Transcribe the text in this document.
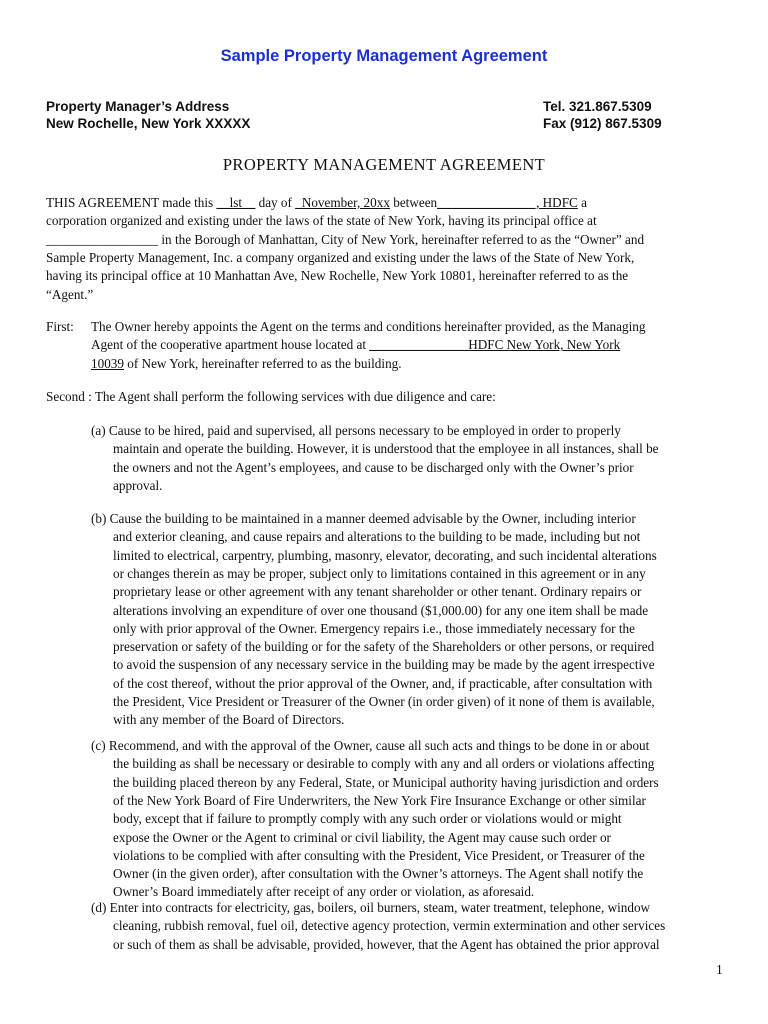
Sample Property Management Agreement
Property Manager’s Address
New Rochelle, New York XXXXX
Tel. 321.867.5309
Fax (912) 867.5309
PROPERTY MANAGEMENT AGREEMENT
THIS AGREEMENT made this __lst__ day of _November, 20xx between_______________, HDFC a
corporation organized and existing under the laws of the state of New York, having its principal office at
_________________ in the Borough of Manhattan, City of New York, hereinafter referred to as the “Owner” and
Sample Property Management, Inc. a company organized and existing under the laws of the State of New York,
having its principal office at 10 Manhattan Ave, New Rochelle, New York 10801, hereinafter referred to as the
“Agent.”
First: The Owner hereby appoints the Agent on the terms and conditions hereinafter provided, as the Managing
Agent of the cooperative apartment house located at _______________HDFC New York, New York
10039 of New York, hereinafter referred to as the building.
Second : The Agent shall perform the following services with due diligence and care:
(a) Cause to be hired, paid and supervised, all persons necessary to be employed in order to properly
maintain and operate the building. However, it is understood that the employee in all instances, shall be
the owners and not the Agent’s employees, and cause to be discharged only with the Owner’s prior
approval.
(b) Cause the building to be maintained in a manner deemed advisable by the Owner, including interior
and exterior cleaning, and cause repairs and alterations to the building to be made, including but not
limited to electrical, carpentry, plumbing, masonry, elevator, decorating, and such incidental alterations
or changes therein as may be proper, subject only to limitations contained in this agreement or in any
proprietary lease or other agreement with any tenant shareholder or other tenant. Ordinary repairs or
alterations involving an expenditure of over one thousand ($1,000.00) for any one item shall be made
only with prior approval of the Owner. Emergency repairs i.e., those immediately necessary for the
preservation or safety of the building or for the safety of the Shareholders or other persons, or required
to avoid the suspension of any necessary service in the building may be made by the agent irrespective
of the cost thereof, without the prior approval of the Owner, and, if practicable, after consultation with
the President, Vice President or Treasurer of the Owner (in order given) of it none of them is available,
with any member of the Board of Directors.
(c) Recommend, and with the approval of the Owner, cause all such acts and things to be done in or about
the building as shall be necessary or desirable to comply with any and all orders or violations affecting
the building placed thereon by any Federal, State, or Municipal authority having jurisdiction and orders
of the New York Board of Fire Underwriters, the New York Fire Insurance Exchange or other similar
body, except that if failure to promptly comply with any such order or violations would or might
expose the Owner or the Agent to criminal or civil liability, the Agent may cause such order or
violations to be complied with after consulting with the President, Vice President, or Treasurer of the
Owner (in the given order), after consultation with the Owner’s attorneys. The Agent shall notify the
Owner’s Board immediately after receipt of any order or violation, as aforesaid.
(d) Enter into contracts for electricity, gas, boilers, oil burners, steam, water treatment, telephone, window
cleaning, rubbish removal, fuel oil, detective agency protection, vermin extermination and other services
or such of them as shall be advisable, provided, however, that the Agent has obtained the prior approval
1
